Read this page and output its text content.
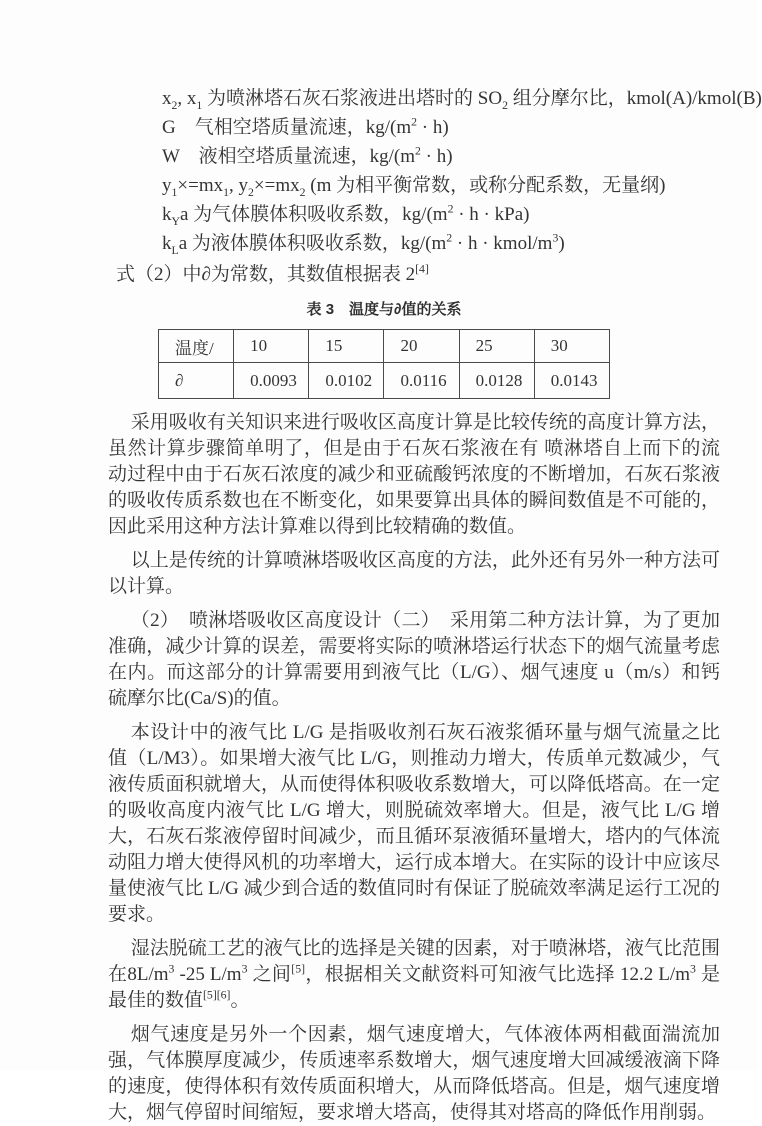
$x_2$, $x_1$ 为喷淋塔石灰石浆液进出塔时的 $SO_2$ 组分摩尔比，kmol(A)/kmol(B)

G　气相空塔质量流速，$kg/(m^2 \cdot h)$

W　液相空塔质量流速，$kg/(m^2 \cdot h)$

$y_1\times=mx_1$, $y_2\times=mx_2$ (m 为相平衡常数，或称分配系数，无量纲)

$k_Ya$ 为气体膜体积吸收系数，$kg/(m^2 \cdot h \cdot kPa)$

$k_La$ 为液体膜体积吸收系数，$kg/(m^2 \cdot h$ · kmol/$m^3$)

式（2）中∂为常数，其数值根据表 2[4]

表 3　温度与∂值的关系
温度/	10	15	20	25	30
∂	0.0093	0.0102	0.0116	0.0128	0.0143

采用吸收有关知识来进行吸收区高度计算是比较传统的高度计算方法，虽然计算步骤简单明了，但是由于石灰石浆液在有 喷淋塔自上而下的流动过程中由于石灰石浓度的减少和亚硫酸钙浓度的不断增加，石灰石浆液的吸收传质系数也在不断变化，如果要算出具体的瞬间数值是不可能的，因此采用这种方法计算难以得到比较精确的数值。

以上是传统的计算喷淋塔吸收区高度的方法，此外还有另外一种方法可以计算。

（2）　喷淋塔吸收区高度设计（二）　采用第二种方法计算，为了更加准确，减少计算的误差，需要将实际的喷淋塔运行状态下的烟气流量考虑在内。而这部分的计算需要用到液气比（L/G）、烟气速度 u（m/s）和钙硫摩尔比(Ca/S)的值。

本设计中的液气比 L/G 是指吸收剂石灰石液浆循环量与烟气流量之比值（L/M3）。如果增大液气比 L/G，则推动力增大，传质单元数减少，气液传质面积就增大，从而使得体积吸收系数增大，可以降低塔高。在一定的吸收高度内液气比 L/G 增大，则脱硫效率增大。但是，液气比 L/G 增大，石灰石浆液停留时间减少，而且循环泵液循环量增大，塔内的气体流动阻力增大使得风机的功率增大，运行成本增大。在实际的设计中应该尽量使液气比 L/G 减少到合适的数值同时有保证了脱硫效率满足运行工况的要求。

湿法脱硫工艺的液气比的选择是关键的因素，对于喷淋塔，液气比范围在$8L/m^3$ -25 $L/m^3$ 之间[5]，根据相关文献资料可知液气比选择 12.2 $L/m^3$ 是最佳的数值[5][6]。

烟气速度是另外一个因素，烟气速度增大，气体液体两相截面湍流加强，气体膜厚度减少，传质速率系数增大，烟气速度增大回减缓液滴下降的速度，使得体积有效传质面积增大，从而降低塔高。但是，烟气速度增大，烟气停留时间缩短，要求增大塔高，使得其对塔高的降低作用削弱。
